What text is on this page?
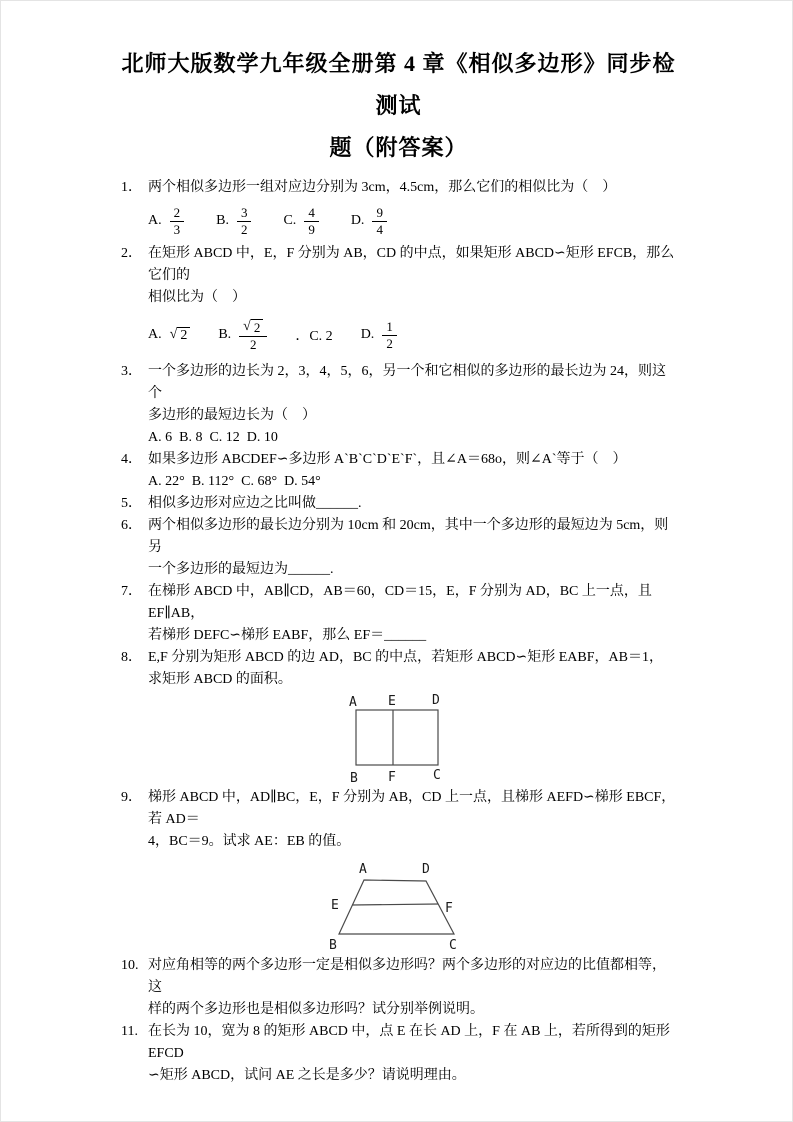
北师大版数学九年级全册第 4 章《相似多边形》同步检测试
题（附答案）
1． 两个相似多边形一组对应边分别为 3cm，4.5cm，那么它们的相似比为（　）
A. $\frac{2}{3} B$. $\frac{3}{2} C$. $\frac{4}{9} D$. $\frac{9}{4}$
2． 在矩形 ABCD 中，E，F 分别为 AB，CD 的中点，如果矩形 ABCD∽矩形 EFCB，那么它们的
相似比为（　）
A. √ 2 B. $\frac{√ 2}{2}$ ．C. 2 D. $\frac{1}{2}$
3． 一个多边形的边长为 2，3，4，5，6，另一个和它相似的多边形的最长边为 24，则这个
多边形的最短边长为（　）
A. 6  B. 8  C. 12  D. 10
4． 如果多边形 ABCDEF∽多边形 A`B`C`D`E`F`，且∠A＝68o，则∠A`等于（　）
A. 22°  B. 112°  C. 68°  D. 54°
5． 相似多边形对应边之比叫做______.
6． 两个相似多边形的最长边分别为 10cm 和 20cm，其中一个多边形的最短边为 5cm，则另
一个多边形的最短边为______.
7． 在梯形 ABCD 中，AB∥CD，AB＝60，CD＝15，E，F 分别为 AD，BC 上一点，且 EF∥AB，
若梯形 DEFC∽梯形 EABF，那么 EF＝______
8． E,F 分别为矩形 ABCD 的边 AD，BC 的中点，若矩形 ABCD∽矩形 EABF，AB＝1，
求矩形 ABCD 的面积。
A E	D
B F	C
9． 梯形 ABCD 中，AD∥BC，E，F 分别为 AB，CD 上一点，且梯形 AEFD∽梯形 EBCF，若 AD＝
4，BC＝9。试求 AE：EB 的值。
A	D
E	F
B	C
10. 对应角相等的两个多边形一定是相似多边形吗？两个多边形的对应边的比值都相等，这
样的两个多边形也是相似多边形吗？试分别举例说明。
11. 在长为 10，宽为 8 的矩形 ABCD 中，点 E 在长 AD 上，F 在 AB 上，若所得到的矩形 EFCD
∽矩形 ABCD，试问 AE 之长是多少？请说明理由。
